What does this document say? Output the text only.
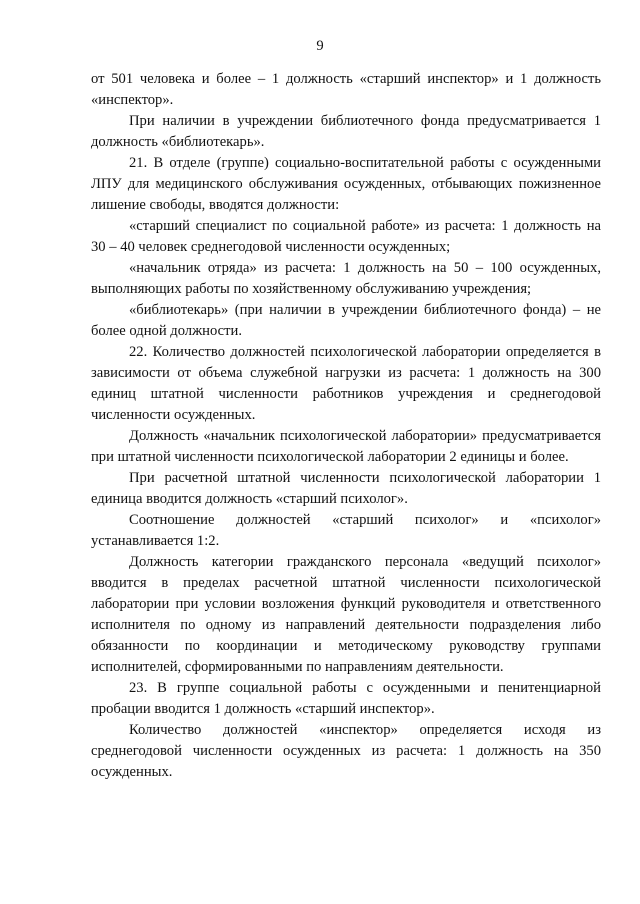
9

от 501 человека и более – 1 должность «старший инспектор» и 1 должность «инспектор».

При наличии в учреждении библиотечного фонда предусматривается 1 должность «библиотекарь».

21. В отделе (группе) социально-воспитательной работы с осужденными ЛПУ для медицинского обслуживания осужденных, отбывающих пожизненное лишение свободы, вводятся должности:

«старший специалист по социальной работе» из расчета: 1 должность на 30 – 40 человек среднегодовой численности осужденных;

«начальник отряда» из расчета: 1 должность на 50 – 100 осужденных, выполняющих работы по хозяйственному обслуживанию учреждения;

«библиотекарь» (при наличии в учреждении библиотечного фонда) – не более одной должности.

22. Количество должностей психологической лаборатории определяется в зависимости от объема служебной нагрузки из расчета: 1 должность на 300 единиц штатной численности работников учреждения и среднегодовой численности осужденных.

Должность «начальник психологической лаборатории» предусматривается при штатной численности психологической лаборатории 2 единицы и более.

При расчетной штатной численности психологической лаборатории 1 единица вводится должность «старший психолог».

Соотношение должностей «старший психолог» и «психолог» устанавливается 1:2.

Должность категории гражданского персонала «ведущий психолог» вводится в пределах расчетной штатной численности психологической лаборатории при условии возложения функций руководителя и ответственного исполнителя по одному из направлений деятельности подразделения либо обязанности по координации и методическому руководству группами исполнителей, сформированными по направлениям деятельности.

23. В группе социальной работы с осужденными и пенитенциарной пробации вводится 1 должность «старший инспектор».

Количество должностей «инспектор» определяется исходя из среднегодовой численности осужденных из расчета: 1 должность на 350 осужденных.
